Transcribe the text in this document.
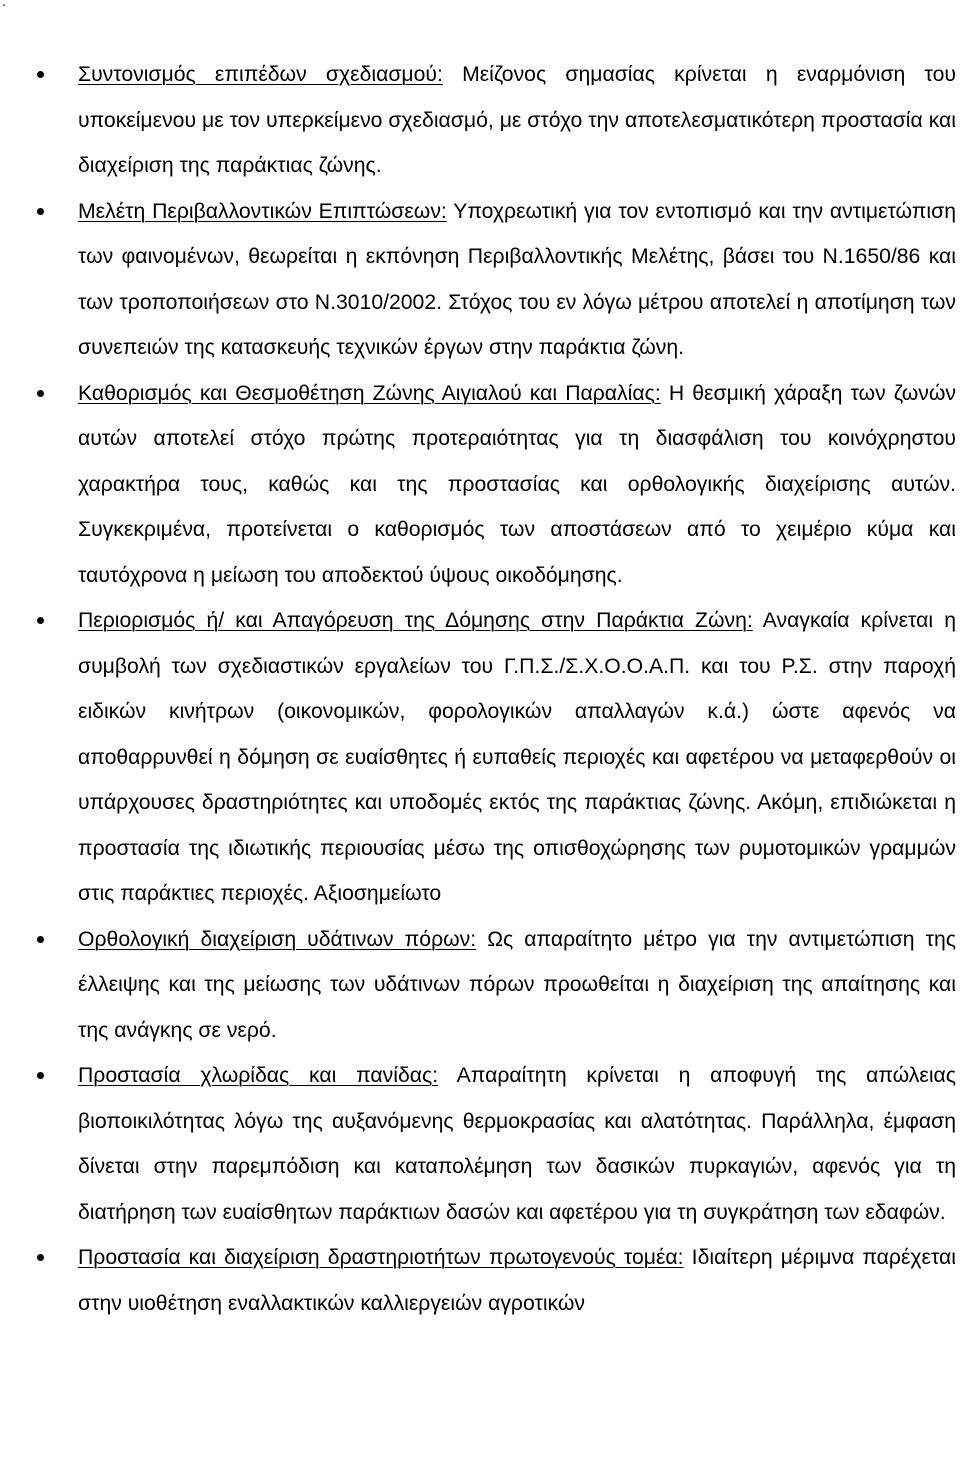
.
Συντονισμός επιπέδων σχεδιασμού: Μείζονος σημασίας κρίνεται η εναρμόνιση του υποκείμενου με τον υπερκείμενο σχεδιασμό, με στόχο την αποτελεσματικότερη προστασία και διαχείριση της παράκτιας ζώνης.
Μελέτη Περιβαλλοντικών Επιπτώσεων: Υποχρεωτική για τον εντοπισμό και την αντιμετώπιση των φαινομένων, θεωρείται η εκπόνηση Περιβαλλοντικής Μελέτης, βάσει του Ν.1650/86 και των τροποποιήσεων στο Ν.3010/2002. Στόχος του εν λόγω μέτρου αποτελεί η αποτίμηση των συνεπειών της κατασκευής τεχνικών έργων στην παράκτια ζώνη.
Καθορισμός και Θεσμοθέτηση Ζώνης Αιγιαλού και Παραλίας: Η θεσμική χάραξη των ζωνών αυτών αποτελεί στόχο πρώτης προτεραιότητας για τη διασφάλιση του κοινόχρηστου χαρακτήρα τους, καθώς και της προστασίας και ορθολογικής διαχείρισης αυτών. Συγκεκριμένα, προτείνεται ο καθορισμός των αποστάσεων από το χειμέριο κύμα και ταυτόχρονα η μείωση του αποδεκτού ύψους οικοδόμησης.
Περιορισμός ή/ και Απαγόρευση της Δόμησης στην Παράκτια Ζώνη: Αναγκαία κρίνεται η συμβολή των σχεδιαστικών εργαλείων του Γ.Π.Σ./Σ.Χ.Ο.Ο.Α.Π. και του Ρ.Σ. στην παροχή ειδικών κινήτρων (οικονομικών, φορολογικών απαλλαγών κ.ά.) ώστε αφενός να αποθαρρυνθεί η δόμηση σε ευαίσθητες ή ευπαθείς περιοχές και αφετέρου να μεταφερθούν οι υπάρχουσες δραστηριότητες και υποδομές εκτός της παράκτιας ζώνης. Ακόμη, επιδιώκεται η προστασία της ιδιωτικής περιουσίας μέσω της οπισθοχώρησης των ρυμοτομικών γραμμών στις παράκτιες περιοχές. Αξιοσημείωτο
Ορθολογική διαχείριση υδάτινων πόρων: Ως απαραίτητο μέτρο για την αντιμετώπιση της έλλειψης και της μείωσης των υδάτινων πόρων προωθείται η διαχείριση της απαίτησης και της ανάγκης σε νερό.
Προστασία χλωρίδας και πανίδας: Απαραίτητη κρίνεται η αποφυγή της απώλειας βιοποικιλότητας λόγω της αυξανόμενης θερμοκρασίας και αλατότητας. Παράλληλα, έμφαση δίνεται στην παρεμπόδιση και καταπολέμηση των δασικών πυρκαγιών, αφενός για τη διατήρηση των ευαίσθητων παράκτιων δασών και αφετέρου για τη συγκράτηση των εδαφών.
Προστασία και διαχείριση δραστηριοτήτων πρωτογενούς τομέα: Ιδιαίτερη μέριμνα παρέχεται στην υιοθέτηση εναλλακτικών καλλιεργειών αγροτικών
